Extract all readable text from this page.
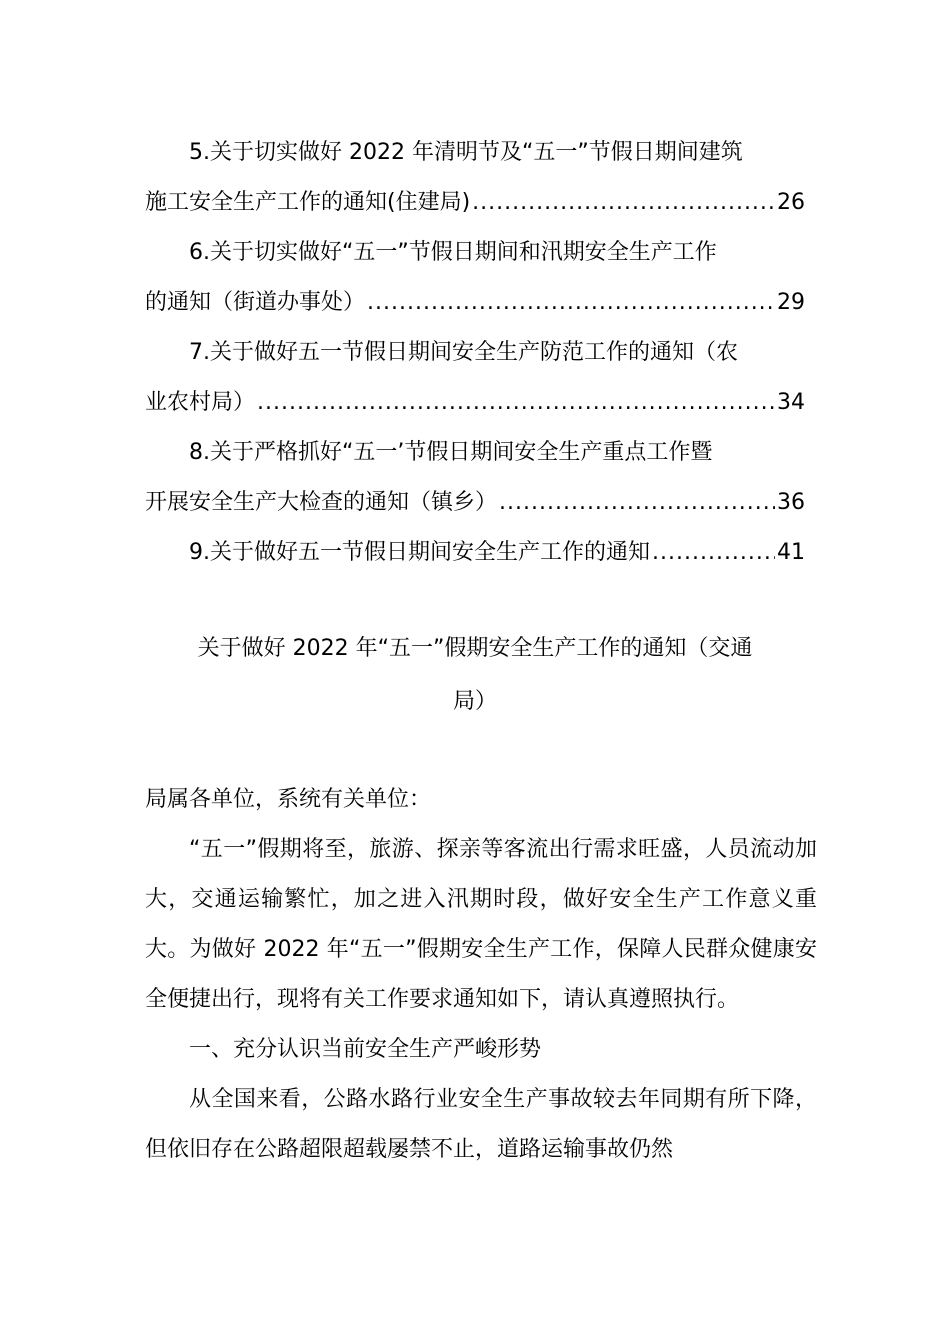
5.关于切实做好 2022 年清明节及“五一”节假日期间建筑
施工安全生产工作的通知(住建局) .....	26
6.关于切实做好“五一”节假日期间和汛期安全生产工作
的通知（街道办事处） .....	29
7.关于做好五一节假日期间安全生产防范工作的通知（农
业农村局） .....	34
8.关于严格抓好“五一’节假日期间安全生产重点工作暨
开展安全生产大检查的通知（镇乡） .....	36
9.关于做好五一节假日期间安全生产工作的通知 .....	41
关于做好 2022 年“五一”假期安全生产工作的通知（交通
局）
局属各单位，系统有关单位：
“五一”假期将至，旅游、探亲等客流出行需求旺盛，人员流动加大，交通运输繁忙，加之进入汛期时段，做好安全生产工作意义重大。为做好 2022 年“五一”假期安全生产工作，保障人民群众健康安全便捷出行，现将有关工作要求通知如下，请认真遵照执行。
一、充分认识当前安全生产严峻形势
从全国来看，公路水路行业安全生产事故较去年同期有所下降，但依旧存在公路超限超载屡禁不止，道路运输事故仍然
